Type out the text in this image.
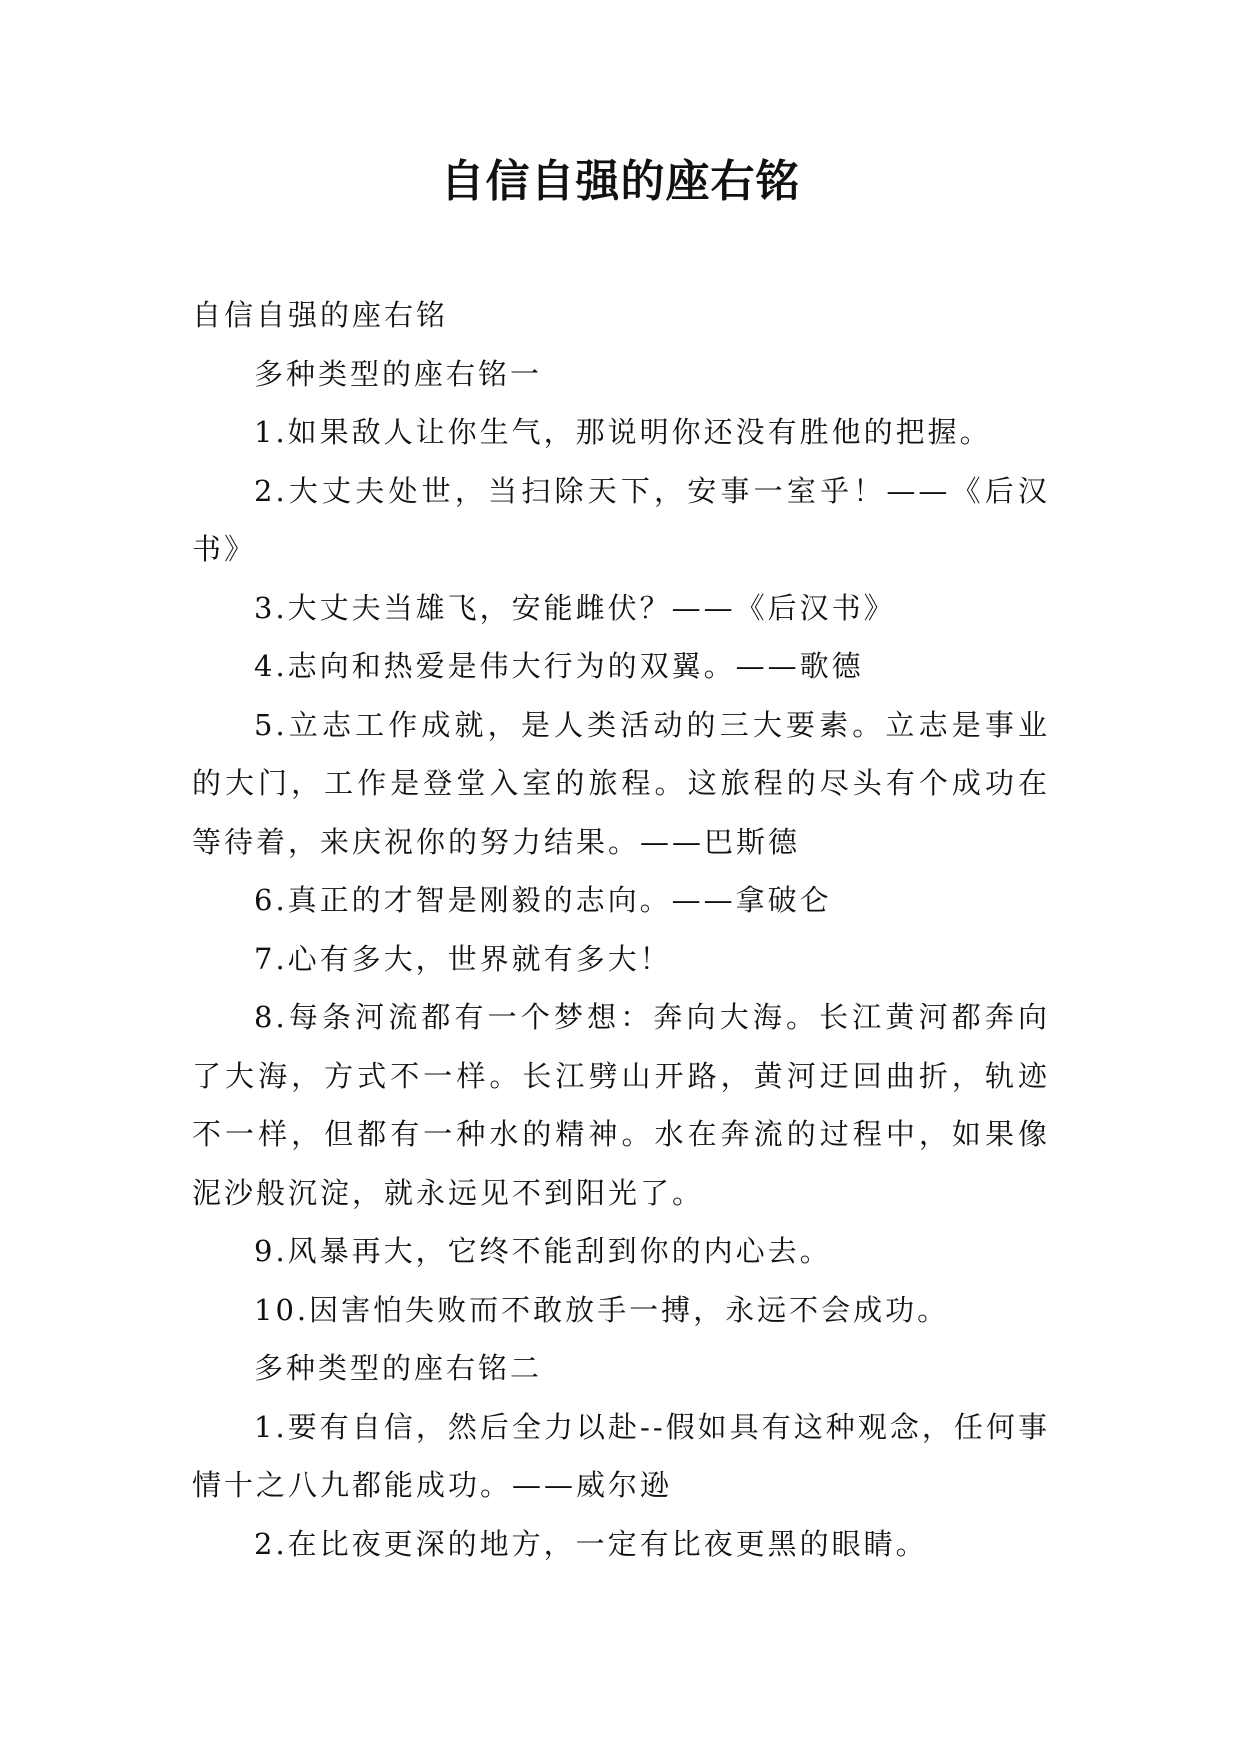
自信自强的座右铭

自信自强的座右铭

多种类型的座右铭一

1.如果敌人让你生气，那说明你还没有胜他的把握。

2.大丈夫处世，当扫除天下，安事一室乎！——《后汉书》

3.大丈夫当雄飞，安能雌伏？——《后汉书》

4.志向和热爱是伟大行为的双翼。——歌德

5.立志工作成就，是人类活动的三大要素。立志是事业的大门，工作是登堂入室的旅程。这旅程的尽头有个成功在等待着，来庆祝你的努力结果。——巴斯德

6.真正的才智是刚毅的志向。——拿破仑

7.心有多大，世界就有多大！

8.每条河流都有一个梦想：奔向大海。长江黄河都奔向了大海，方式不一样。长江劈山开路，黄河迂回曲折，轨迹不一样，但都有一种水的精神。水在奔流的过程中，如果像泥沙般沉淀，就永远见不到阳光了。

9.风暴再大，它终不能刮到你的内心去。

10.因害怕失败而不敢放手一搏，永远不会成功。

多种类型的座右铭二

1.要有自信，然后全力以赴--假如具有这种观念，任何事情十之八九都能成功。——威尔逊

2.在比夜更深的地方，一定有比夜更黑的眼睛。
